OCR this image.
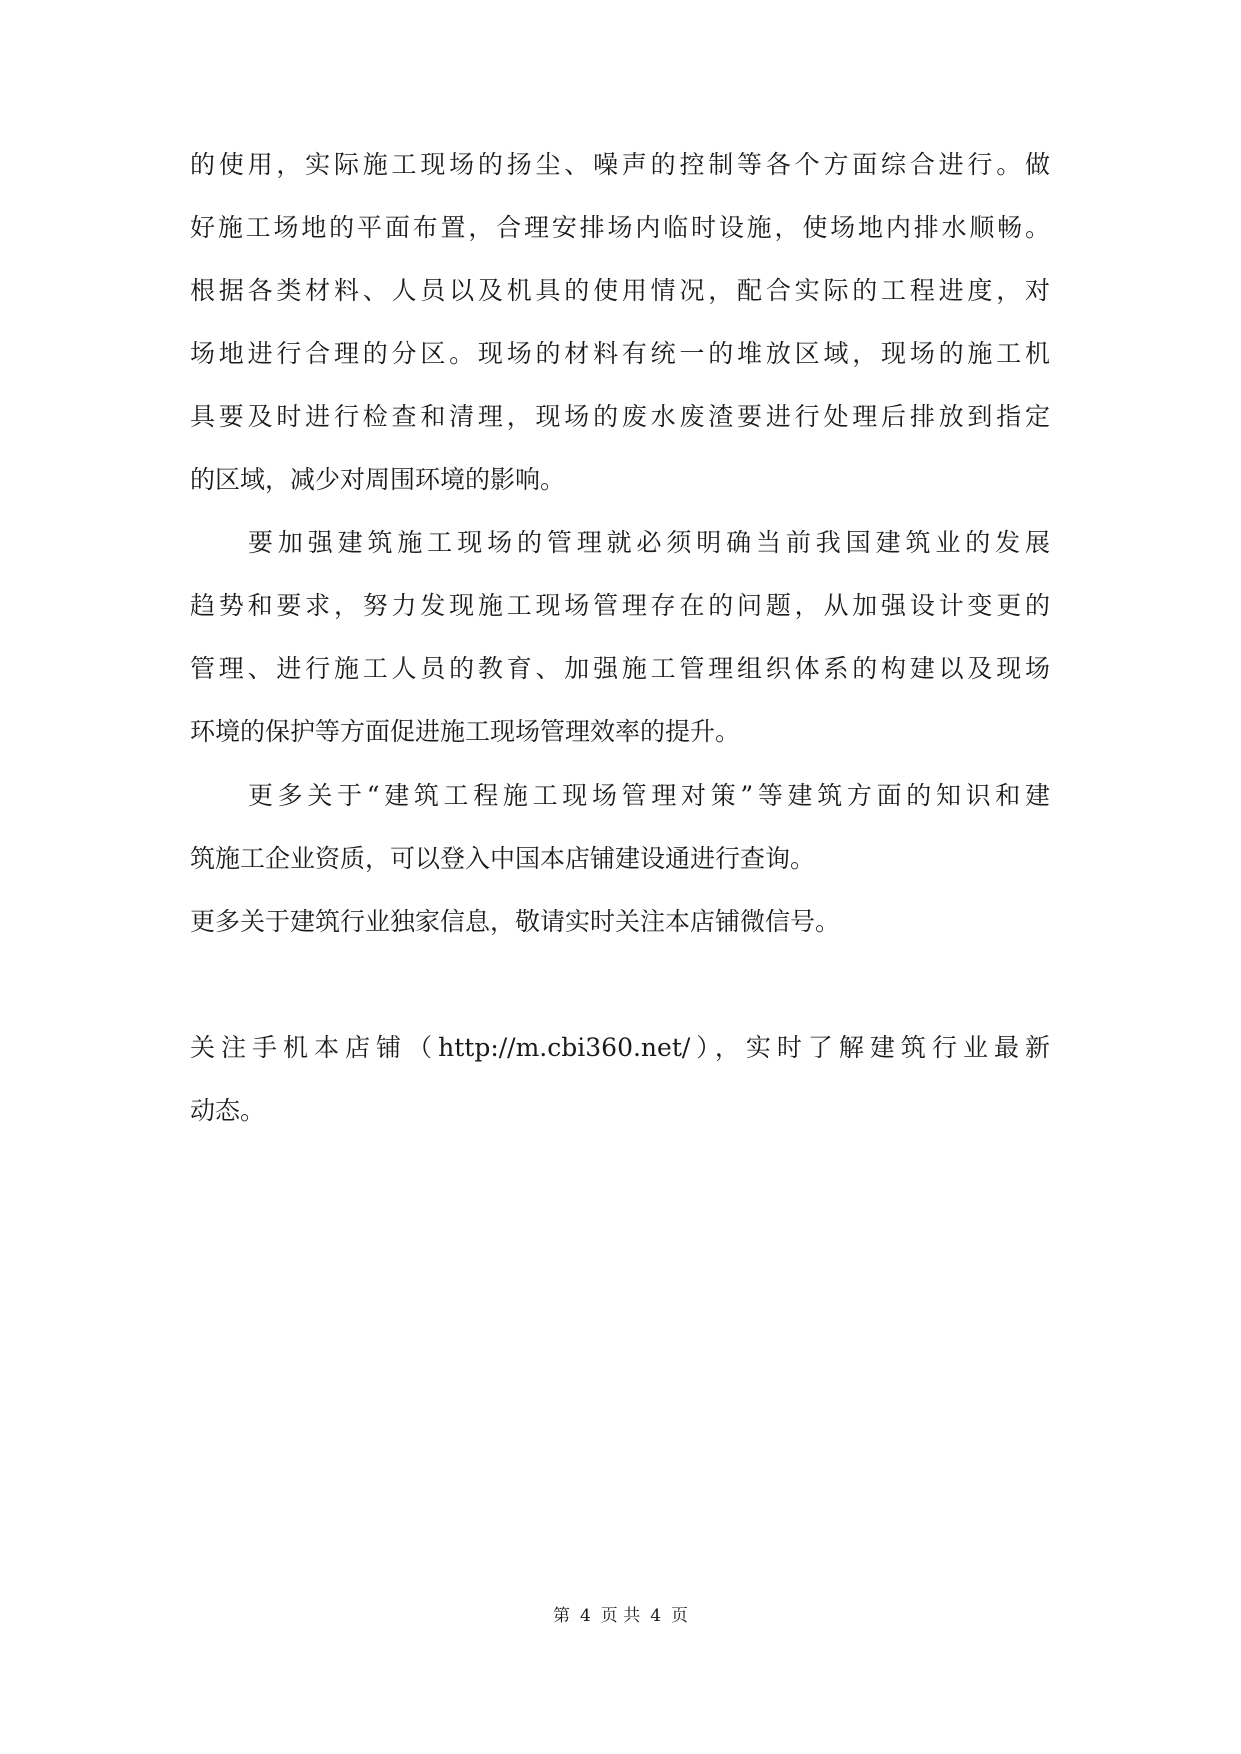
的使用，实际施工现场的扬尘、噪声的控制等各个方面综合进行。做
好施工场地的平面布置，合理安排场内临时设施，使场地内排水顺畅。
根据各类材料、人员以及机具的使用情况，配合实际的工程进度，对
场地进行合理的分区。现场的材料有统一的堆放区域，现场的施工机
具要及时进行检查和清理，现场的废水废渣要进行处理后排放到指定
的区域，减少对周围环境的影响。
要加强建筑施工现场的管理就必须明确当前我国建筑业的发展
趋势和要求，努力发现施工现场管理存在的问题，从加强设计变更的
管理、进行施工人员的教育、加强施工管理组织体系的构建以及现场
环境的保护等方面促进施工现场管理效率的提升。
更多关于“建筑工程施工现场管理对策”等建筑方面的知识和建
筑施工企业资质，可以登入中国本店铺建设通进行查询。
更多关于建筑行业独家信息，敬请实时关注本店铺微信号。
关注手机本店铺（http://m.cbi360.net/），实时了解建筑行业最新
动态。
第 4 页 共 4 页
